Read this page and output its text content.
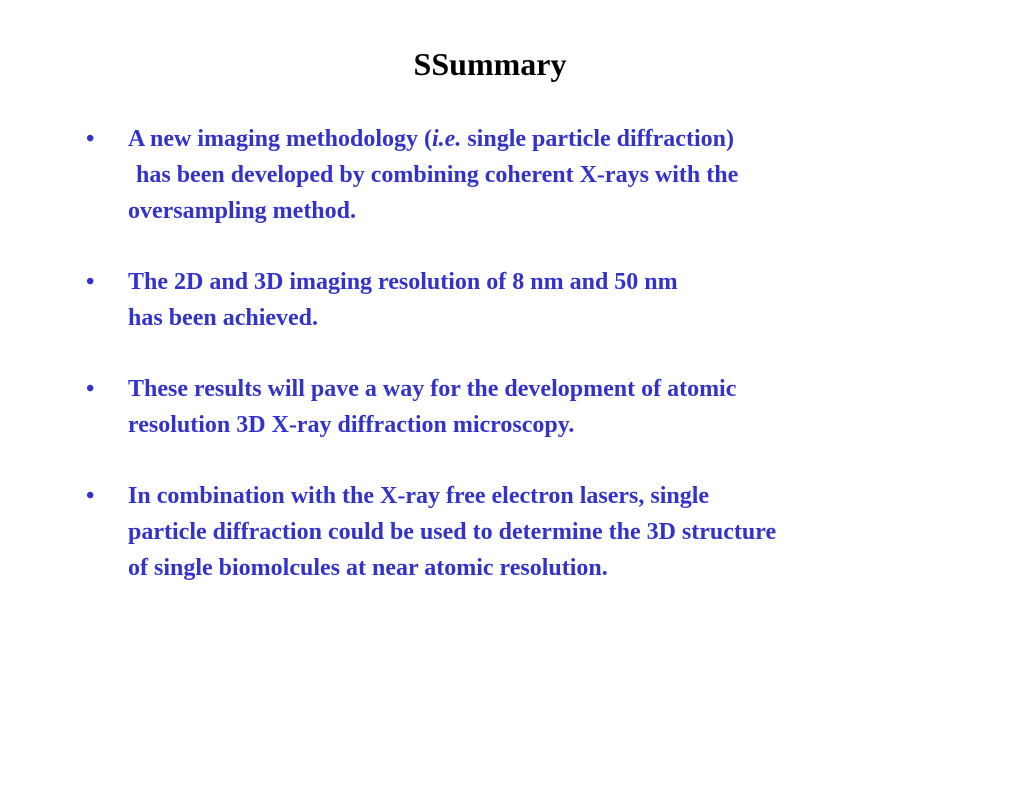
SSummary
• A new imaging methodology (i.e. single particle diffraction)
has been developed by combining coherent X-rays with the
oversampling method.
• The 2D and 3D imaging resolution of 8 nm and 50 nm
has been achieved.
• These results will pave a way for the development of atomic
resolution 3D X-ray diffraction microscopy.
• In combination with the X-ray free electron lasers, single
particle diffraction could be used to determine the 3D structure
of single biomolcules at near atomic resolution.
